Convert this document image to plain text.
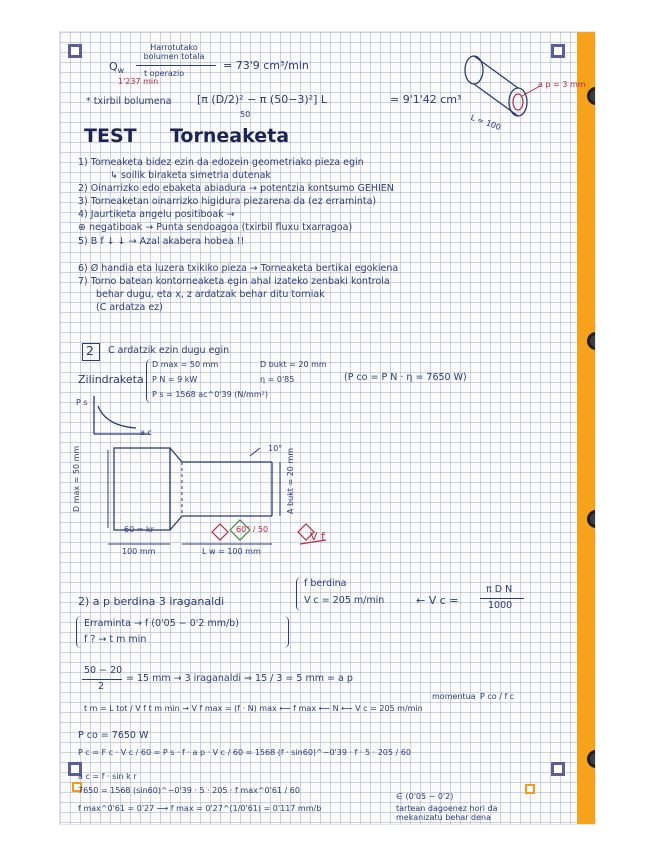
$Q_w$
Harrotutako bolumen totala
t operazio
1'237 min
= 73'9 cm³/min
* txirbil bolumena [π (D/2)² − π (50−3)²] L
50
= 9'1'42 cm³
a p = 3 mm
L = 100
TEST Torneaketa
1) Torneaketa bidez ezin da edozein geometriako pieza egin
↳ soilik biraketa simetria dutenak
2) Oinarrizko edo ebaketa abiadura → potentzia kontsumo GEHIEN
3) Torneaketan oinarrizko higidura piezarena da (ez erraminta)
4) Jaurtiketa angelu positiboak →
⊕ negatiboak → Punta sendoagoa (txirbil fluxu txarragoa)
5) B f ↓ ↓ → Azal akabera hobea !!
6) Ø handia eta luzera txikiko pieza → Torneaketa bertikal egokiena
7) Torno batean kontorneaketa egin ahal izateko zenbaki kontrola
behar dugu, eta x, z ardatzak behar ditu torniak
(C ardatza ez)
2 C ardatzik ezin dugu egin
Zilindraketa
D max = 50 mm
P N = 9 kW
P s = 1568 ac^0'39 (N/mm²)
D bukt = 20 mm
η = 0'85	(P co = P N · η = 7650 W)
P s
a c
10°
D max = 50 mm	A bukt = 20 mm
60 = kr
100 mm	L w = 100 mm
60° / 50
V f
2) a p berdina 3 iraganaldi
f berdina
V c = 205 m/min	← V c =
π D N
1000
Erraminta → f (0'05 − 0'2 mm/b)
f ? → t m min
50 − 20
2
= 15 mm → 3 iraganaldi ⇒ 15 / 3 = 5 mm = a p
t m = L tot / V f t m min → V f max = (f · N) max ⟵ f max ⟵ N ⟵ V c = 205 m/min
momentua P co / f c
P co = 7650 W
P c = F c · V c / 60 = P s · f · a p · V c / 60 = 1568 (f · sin60)^−0'39 · f · 5 · 205 / 60
a c = f · sin k r
7650 = 1568 (sin60)^−0'39 · 5 · 205 · f max^0'61 / 60
f max^0'61 = 0'27 ⟶ f max = 0'27^(1/0'61) = 0'117 mm/b
∈ (0'05 − 0'2)
tartean dagoenez hori da mekanizatu behar dena
